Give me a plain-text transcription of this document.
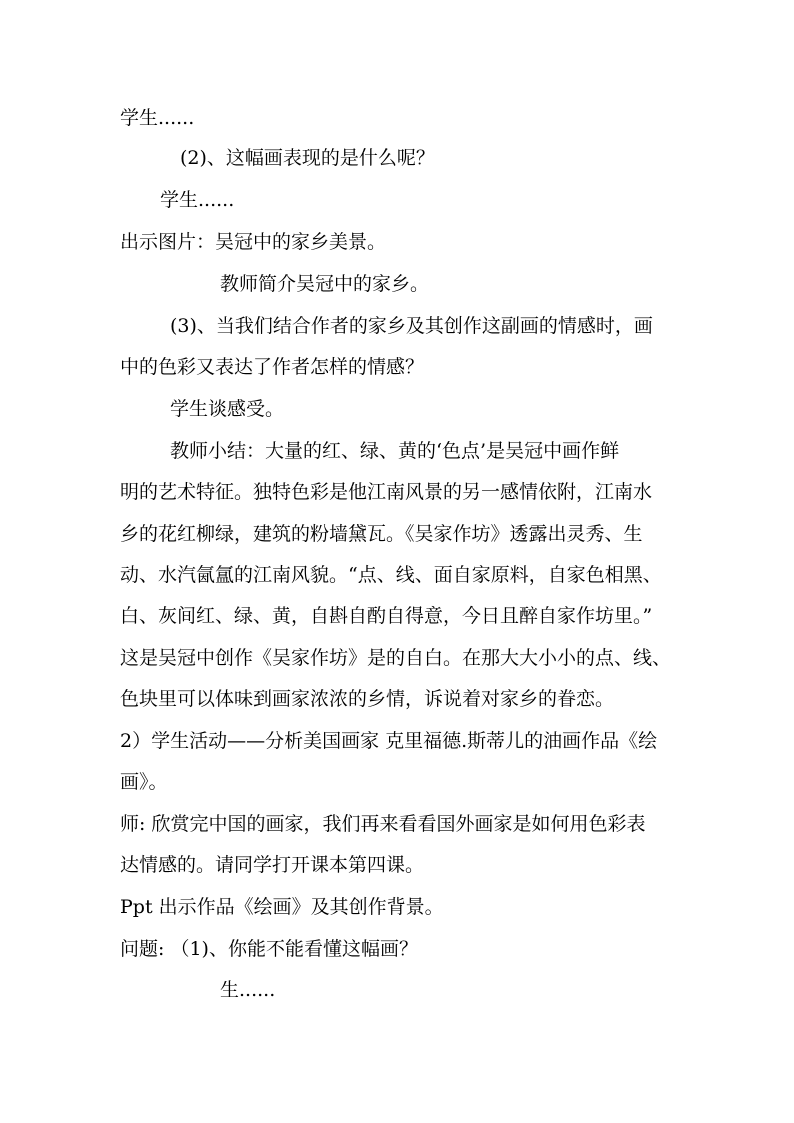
学生......
(2)、这幅画表现的是什么呢？
学生......
出示图片：吴冠中的家乡美景。
教师简介吴冠中的家乡。
(3)、当我们结合作者的家乡及其创作这副画的情感时，画
中的色彩又表达了作者怎样的情感？
学生谈感受。
教师小结：大量的红、绿、黄的‘色点’是吴冠中画作鲜
明的艺术特征。独特色彩是他江南风景的另一感情依附，江南水
乡的花红柳绿，建筑的粉墙黛瓦。《吴家作坊》透露出灵秀、生
动、水汽氤氲的江南风貌。“点、线、面自家原料，自家色相黑、
白、灰间红、绿、黄，自斟自酌自得意，今日且醉自家作坊里。”
这是吴冠中创作《吴家作坊》是的自白。在那大大小小的点、线、
色块里可以体味到画家浓浓的乡情，诉说着对家乡的眷恋。
2）学生活动——分析美国画家 克里福德.斯蒂儿的油画作品《绘
画》。
师: 欣赏完中国的画家，我们再来看看国外画家是如何用色彩表
达情感的。请同学打开课本第四课。
Ppt 出示作品《绘画》及其创作背景。
问题: （1)、你能不能看懂这幅画？
生......
